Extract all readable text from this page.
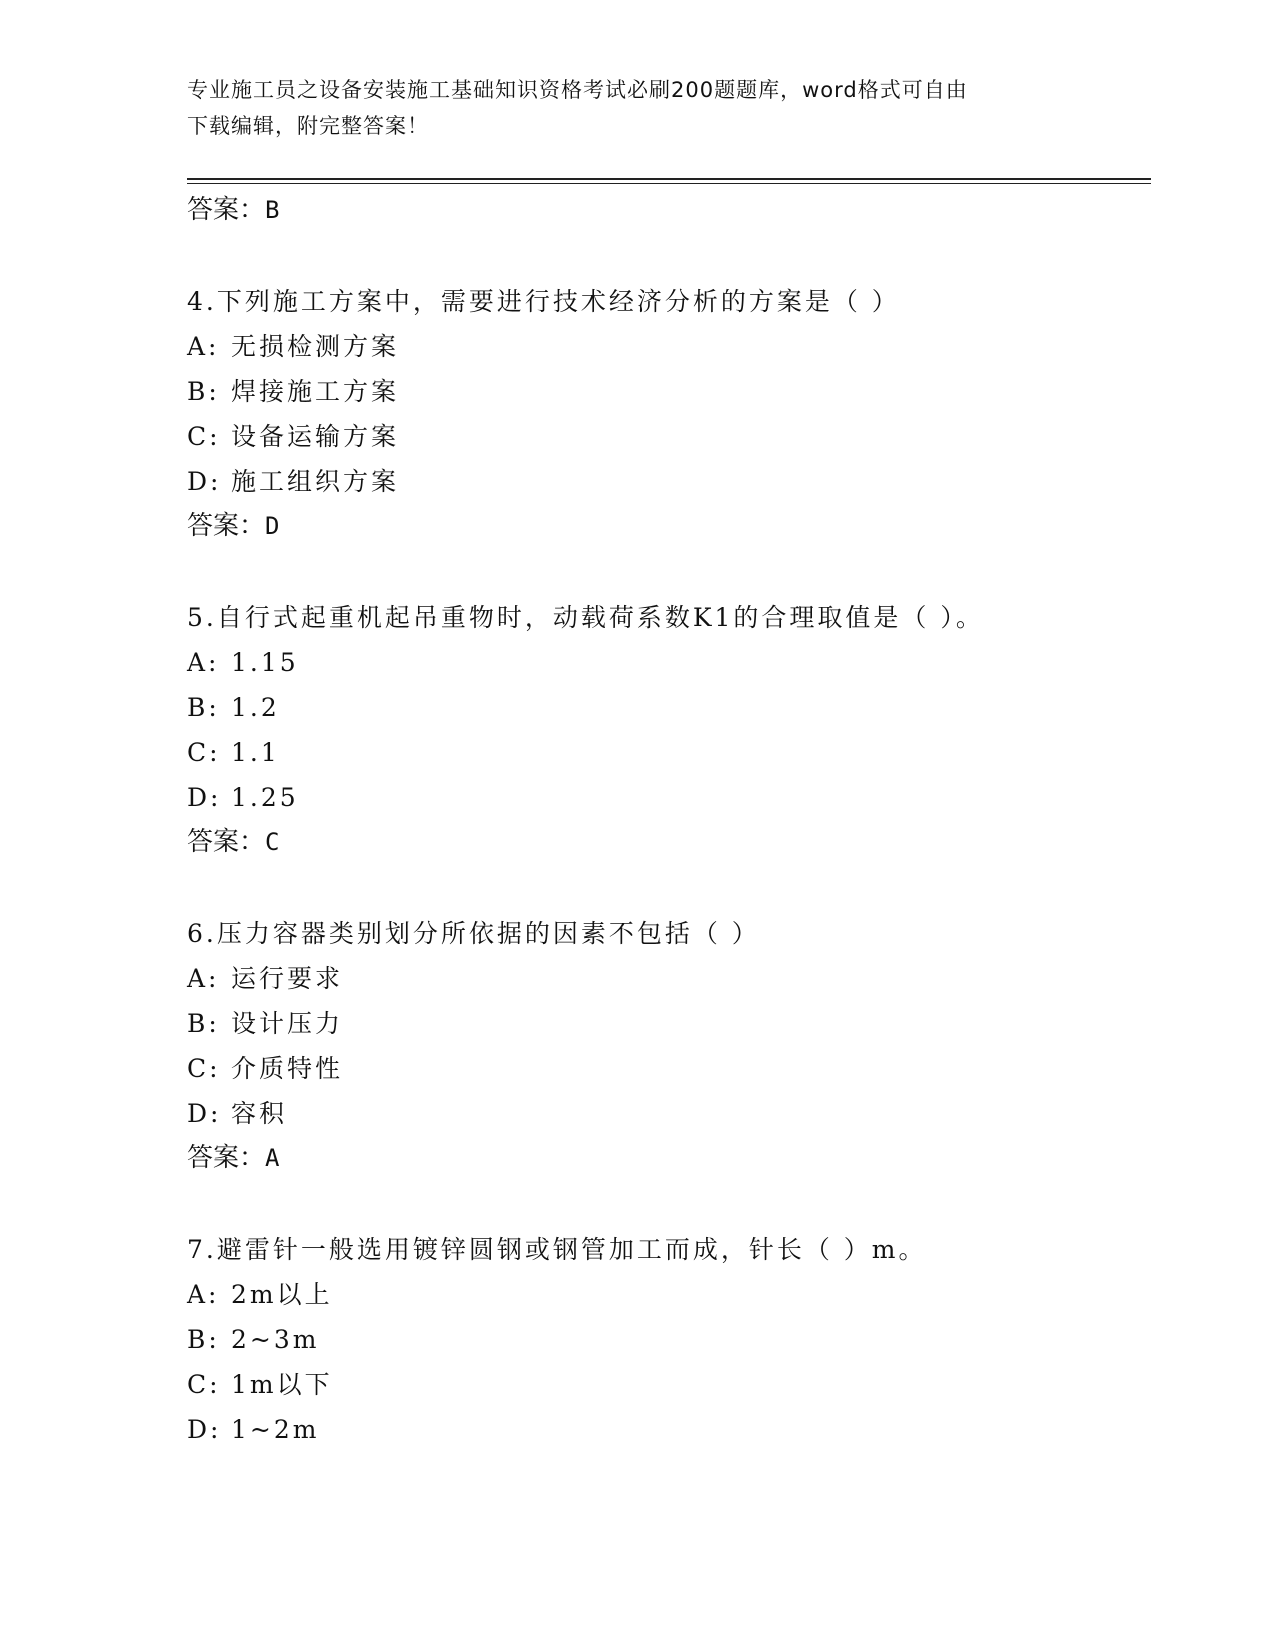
专业施工员之设备安装施工基础知识资格考试必刷200题题库，word格式可自由
下载编辑，附完整答案！
答案：B
4.下列施工方案中，需要进行技术经济分析的方案是（ ）
A: 无损检测方案
B: 焊接施工方案
C: 设备运输方案
D: 施工组织方案
答案：D
5.自行式起重机起吊重物时，动载荷系数K1的合理取值是（ ）。
A: 1.15
B: 1.2
C: 1.1
D: 1.25
答案：C
6.压力容器类别划分所依据的因素不包括（ ）
A: 运行要求
B: 设计压力
C: 介质特性
D: 容积
答案：A
7.避雷针一般选用镀锌圆钢或钢管加工而成，针长（ ）m。
A: 2m以上
B: 2~3m
C: 1m以下
D: 1~2m
